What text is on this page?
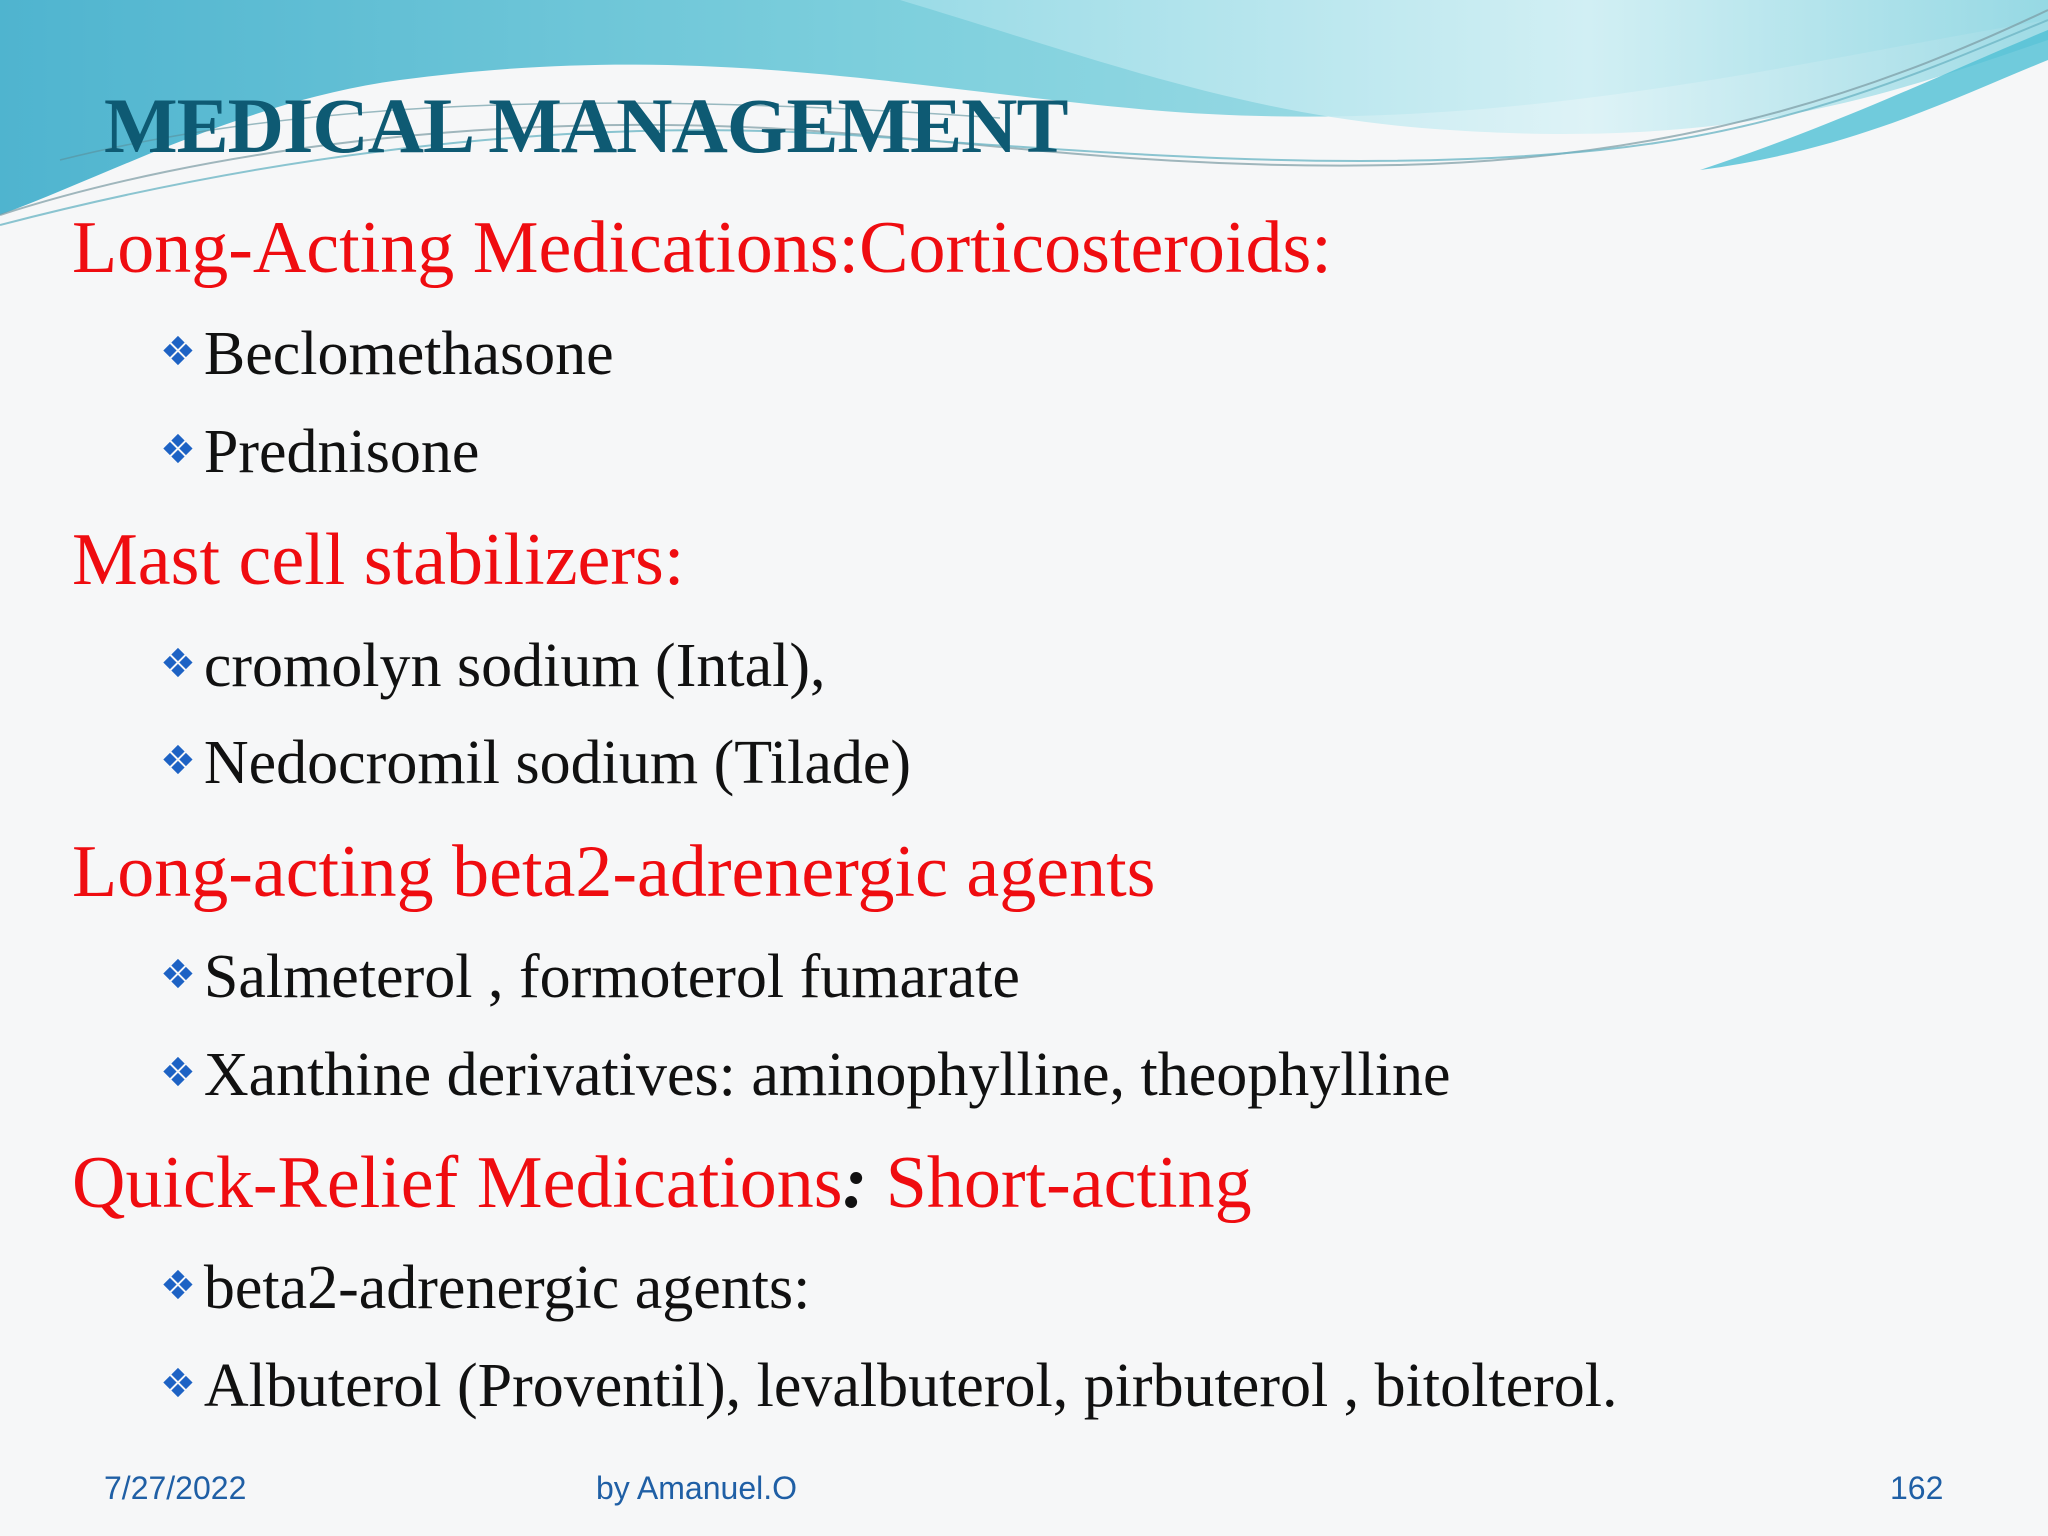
MEDICAL MANAGEMENT
Long-Acting Medications:Corticosteroids:
❖ Beclomethasone
❖ Prednisone
Mast cell stabilizers:
❖ cromolyn sodium (Intal),
❖ Nedocromil sodium (Tilade)
Long-acting beta2-adrenergic agents
❖ Salmeterol , formoterol fumarate
❖ Xanthine derivatives: aminophylline, theophylline
Quick-Relief Medications: Short-acting
❖ beta2-adrenergic agents:
❖ Albuterol (Proventil), levalbuterol, pirbuterol , bitolterol.
7/27/2022	by Amanuel.O	162
